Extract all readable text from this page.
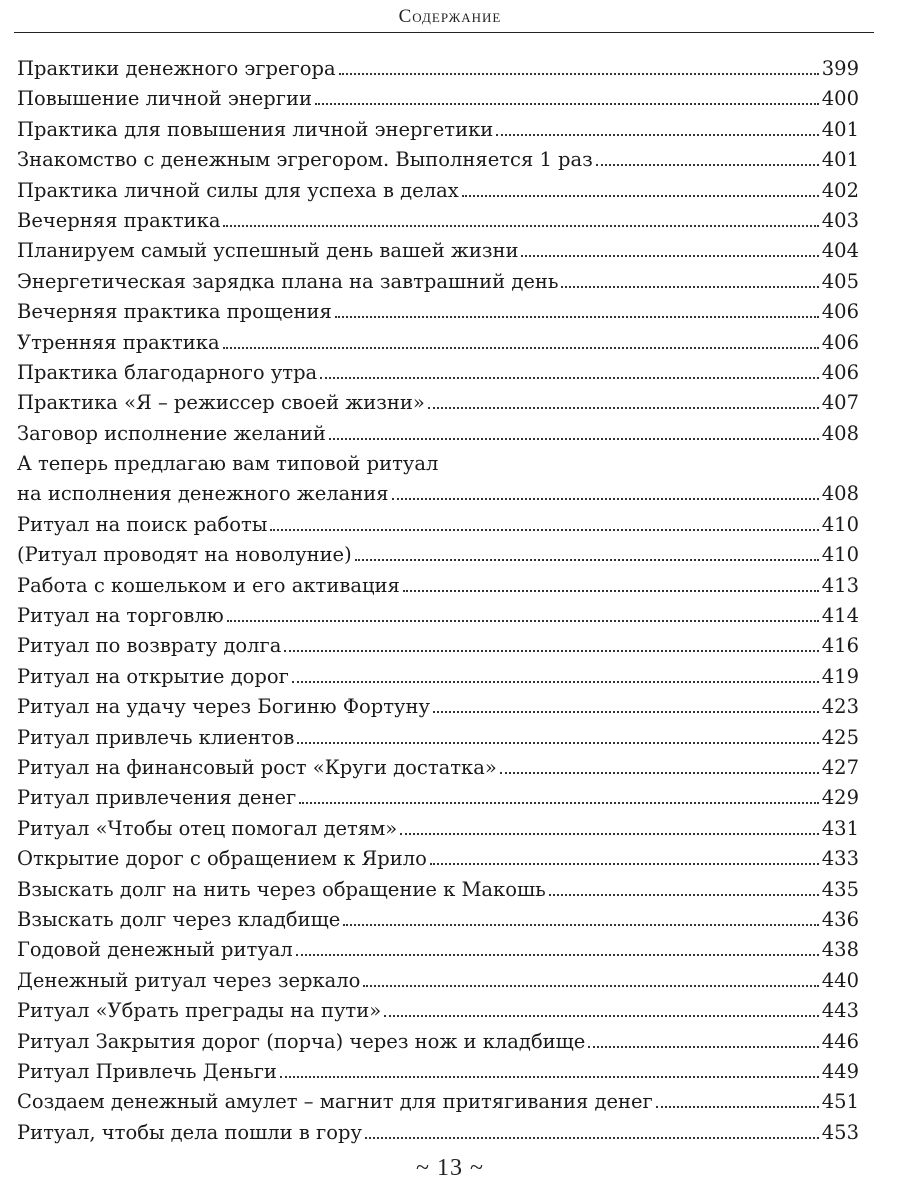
Содержание
Практики денежного эгрегора	399
Повышение личной энергии	400
Практика для повышения личной энергетики	401
Знакомство с денежным эгрегором. Выполняется 1 раз	401
Практика личной силы для успеха в делах	402
Вечерняя практика	403
Планируем самый успешный день вашей жизни	404
Энергетическая зарядка плана на завтрашний день	405
Вечерняя практика прощения	406
Утренняя практика	406
Практика благодарного утра	406
Практика «Я – режиссер своей жизни»	407
Заговор исполнение желаний	408
А теперь предлагаю вам типовой ритуал
на исполнения денежного желания	408
Ритуал на поиск работы	410
(Ритуал проводят на новолуние)	410
Работа с кошельком и его активация	413
Ритуал на торговлю	414
Ритуал по возврату долга	416
Ритуал на открытие дорог	419
Ритуал на удачу через Богиню Фортуну	423
Ритуал привлечь клиентов	425
Ритуал на финансовый рост «Круги достатка»	427
Ритуал привлечения денег	429
Ритуал «Чтобы отец помогал детям»	431
Открытие дорог с обращением к Ярило	433
Взыскать долг на нить через обращение к Макошь	435
Взыскать долг через кладбище	436
Годовой денежный ритуал	438
Денежный ритуал через зеркало	440
Ритуал «Убрать преграды на пути»	443
Ритуал Закрытия дорог (порча) через нож и кладбище	446
Ритуал Привлечь Деньги	449
Создаем денежный амулет – магнит для притягивания денег	451
Ритуал, чтобы дела пошли в гору	453
~ 13 ~
